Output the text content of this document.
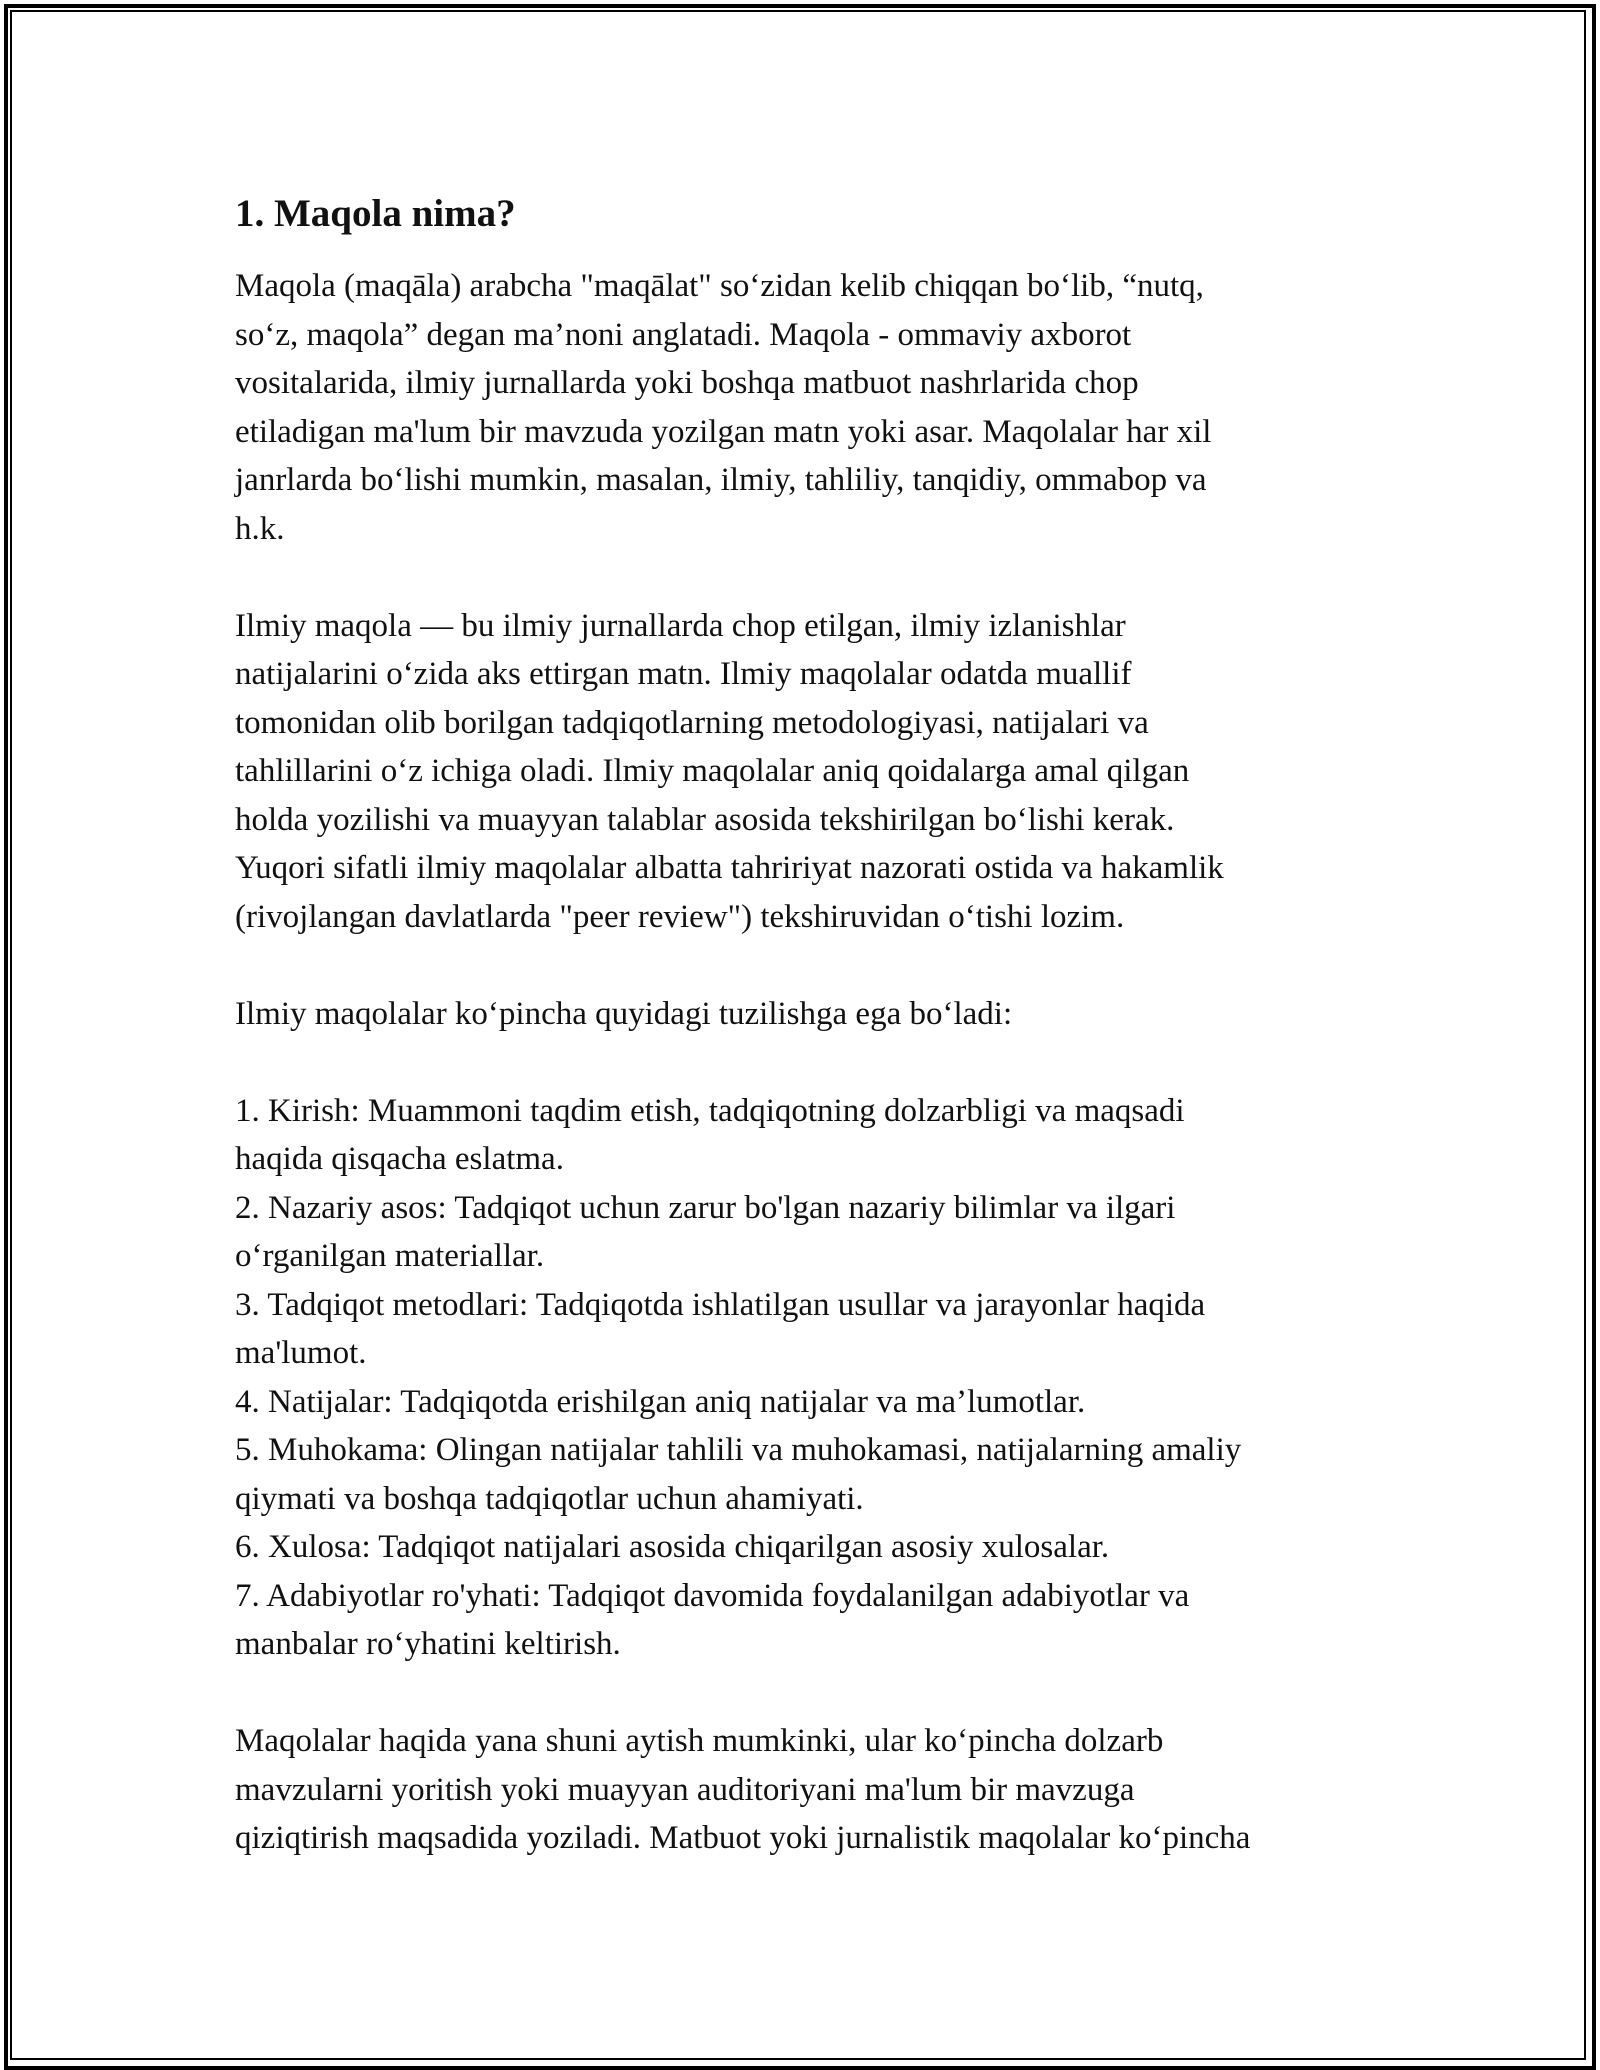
1. Maqola nima?
Maqola (maqāla) arabcha "maqālat" so‘zidan kelib chiqqan bo‘lib, “nutq,
so‘z, maqola” degan ma’noni anglatadi. Maqola - ommaviy axborot
vositalarida, ilmiy jurnallarda yoki boshqa matbuot nashrlarida chop
etiladigan ma'lum bir mavzuda yozilgan matn yoki asar. Maqolalar har xil
janrlarda bo‘lishi mumkin, masalan, ilmiy, tahliliy, tanqidiy, ommabop va
h.k.
Ilmiy maqola — bu ilmiy jurnallarda chop etilgan, ilmiy izlanishlar
natijalarini o‘zida aks ettirgan matn. Ilmiy maqolalar odatda muallif
tomonidan olib borilgan tadqiqotlarning metodologiyasi, natijalari va
tahlillarini o‘z ichiga oladi. Ilmiy maqolalar aniq qoidalarga amal qilgan
holda yozilishi va muayyan talablar asosida tekshirilgan bo‘lishi kerak.
Yuqori sifatli ilmiy maqolalar albatta tahririyat nazorati ostida va hakamlik
(rivojlangan davlatlarda "peer review") tekshiruvidan o‘tishi lozim.
Ilmiy maqolalar ko‘pincha quyidagi tuzilishga ega bo‘ladi:
1. Kirish: Muammoni taqdim etish, tadqiqotning dolzarbligi va maqsadi
haqida qisqacha eslatma.
2. Nazariy asos: Tadqiqot uchun zarur bo'lgan nazariy bilimlar va ilgari
o‘rganilgan materiallar.
3. Tadqiqot metodlari: Tadqiqotda ishlatilgan usullar va jarayonlar haqida
ma'lumot.
4. Natijalar: Tadqiqotda erishilgan aniq natijalar va ma’lumotlar.
5. Muhokama: Olingan natijalar tahlili va muhokamasi, natijalarning amaliy
qiymati va boshqa tadqiqotlar uchun ahamiyati.
6. Xulosa: Tadqiqot natijalari asosida chiqarilgan asosiy xulosalar.
7. Adabiyotlar ro'yhati: Tadqiqot davomida foydalanilgan adabiyotlar va
manbalar ro‘yhatini keltirish.
Maqolalar haqida yana shuni aytish mumkinki, ular ko‘pincha dolzarb
mavzularni yoritish yoki muayyan auditoriyani ma'lum bir mavzuga
qiziqtirish maqsadida yoziladi. Matbuot yoki jurnalistik maqolalar ko‘pincha
